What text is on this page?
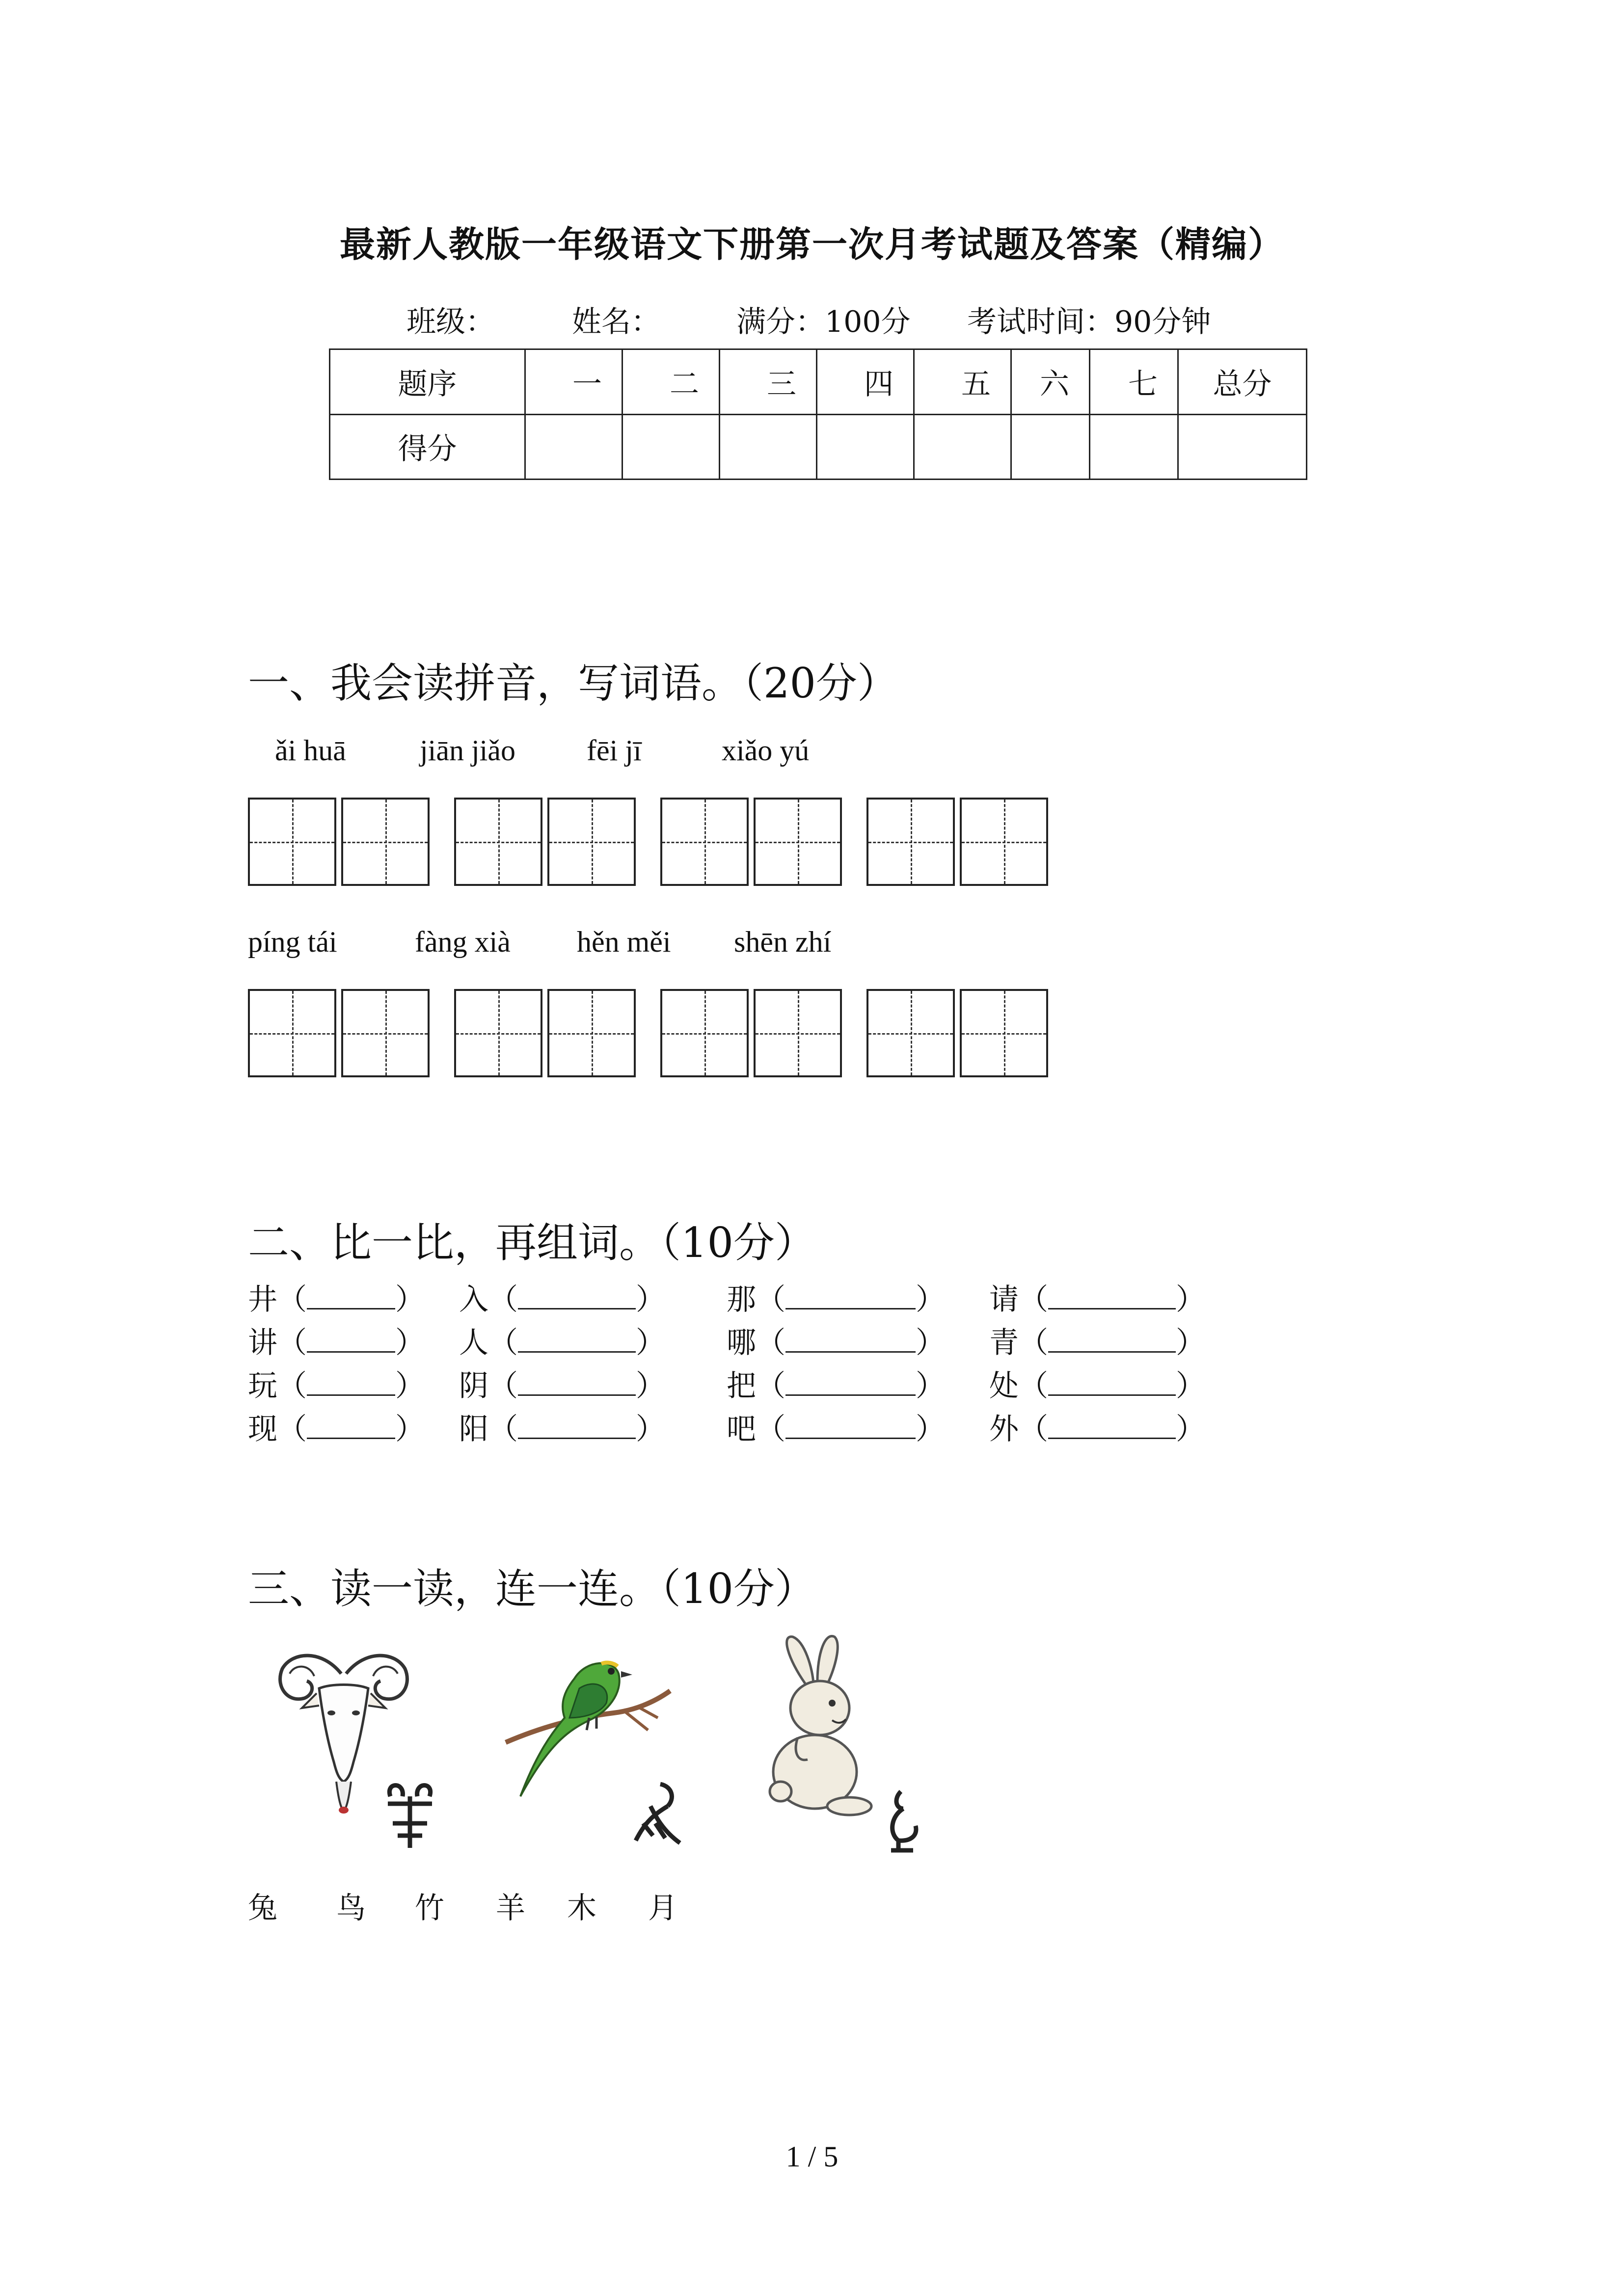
最新人教版一年级语文下册第一次月考试题及答案（精编）
班级：	姓名：	满分：100分 考试时间：90分钟
题序	一	二	三	四	五	六	七	总分
得分								
一、我会读拼音，写词语。（20分）
ǎi huā	jiān jiǎo fēi jī	xiǎo yú
píng tái	fàng xià hěn měi shēn zhí
二、比一比，再组词。（10分）
三、读一读，连一连。（10分）
兔 鸟 竹 羊 木 月
1 / 5
井（	） 入（	） 那（	） 请（	）
讲（	） 人（	） 哪（	） 青（	）
玩（	） 阴（	） 把（	） 处（	）
现（	） 阳（	） 吧（	） 外（	）
